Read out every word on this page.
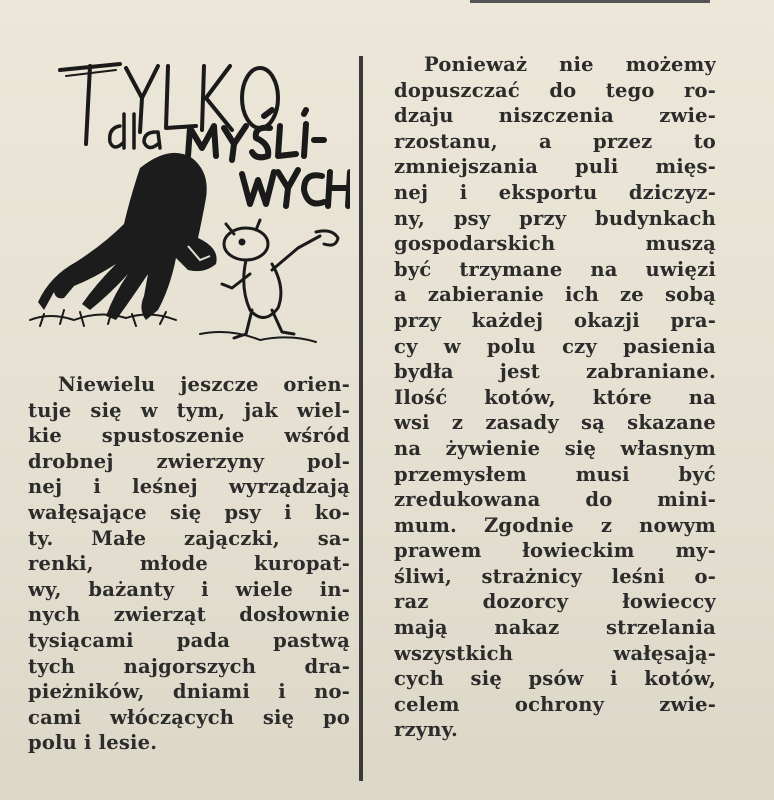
Niewielu jeszcze orien-
tuje się w tym, jak wiel-
kie spustoszenie wśród
drobnej zwierzyny pol-
nej i leśnej wyrządzają
wałęsające się psy i ko-
ty. Małe zajączki, sa-
renki, młode kuropat-
wy, bażanty i wiele in-
nych zwierząt dosłownie
tysiącami pada pastwą
tych najgorszych dra-
pieżników, dniami i no-
cami włóczących się po
polu i lesie.
Ponieważ nie możemy
dopuszczać do tego ro-
dzaju niszczenia zwie-
rzostanu, a przez to
zmniejszania puli mięs-
nej i eksportu dziczyz-
ny, psy przy budynkach
gospodarskich muszą
być trzymane na uwięzi
a zabieranie ich ze sobą
przy każdej okazji pra-
cy w polu czy pasienia
bydła jest zabraniane.
Ilość kotów, które na
wsi z zasady są skazane
na żywienie się własnym
przemysłem musi być
zredukowana do mini-
mum. Zgodnie z nowym
prawem łowieckim my-
śliwi, strażnicy leśni o-
raz dozorcy łowieccy
mają nakaz strzelania
wszystkich wałęsają-
cych się psów i kotów,
celem ochrony zwie-
rzyny.
